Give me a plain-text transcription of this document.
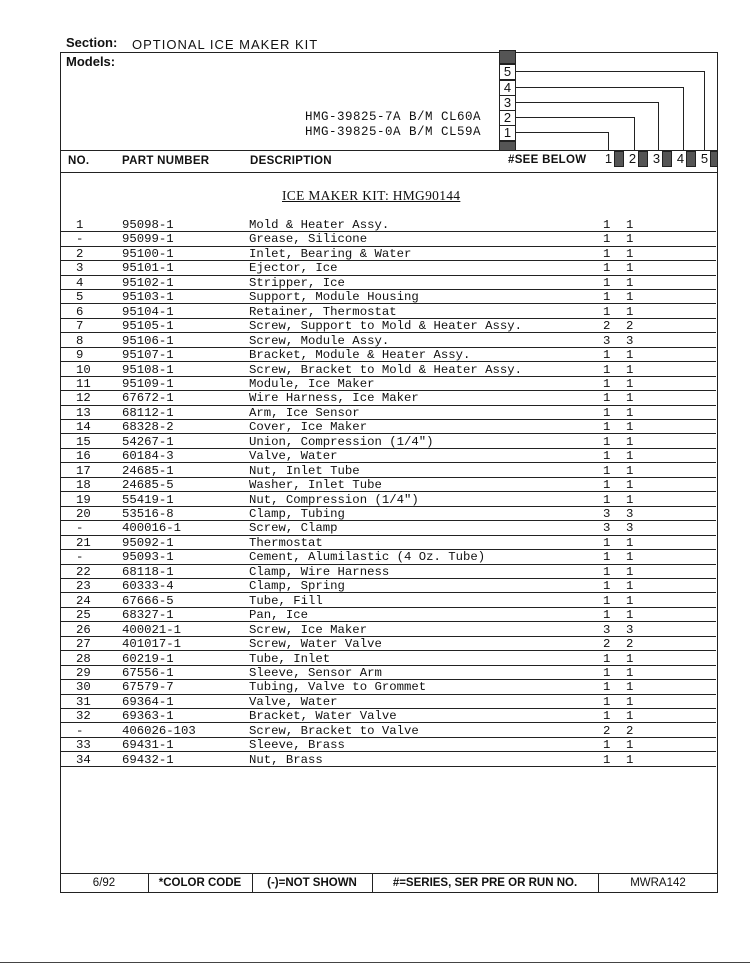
Section: OPTIONAL ICE MAKER KIT
Models:
HMG-39825-7A B/M CL60A
HMG-39825-0A B/M CL59A
5
4
3
2
1
NO.	PART NUMBER	DESCRIPTION	#SEE BELOW	1	2	3	4	5
ICE MAKER KIT: HMG90144
1	95098-1	Mold & Heater Assy.	1 1
-	95099-1	Grease, Silicone	1 1
2	95100-1	Inlet, Bearing & Water	1 1
3	95101-1	Ejector, Ice	1 1
4	95102-1	Stripper, Ice	1 1
5	95103-1	Support, Module Housing	1 1
6	95104-1	Retainer, Thermostat	1 1
7	95105-1	Screw, Support to Mold & Heater Assy.	2 2
8	95106-1	Screw, Module Assy.	3 3
9	95107-1	Bracket, Module & Heater Assy.	1 1
10	95108-1	Screw, Bracket to Mold & Heater Assy.	1 1
11	95109-1	Module, Ice Maker	1 1
12	67672-1	Wire Harness, Ice Maker	1 1
13	68112-1	Arm, Ice Sensor	1 1
14	68328-2	Cover, Ice Maker	1 1
15	54267-1	Union, Compression (1/4")	1 1
16	60184-3	Valve, Water	1 1
17	24685-1	Nut, Inlet Tube	1 1
18	24685-5	Washer, Inlet Tube	1 1
19	55419-1	Nut, Compression (1/4")	1 1
20	53516-8	Clamp, Tubing	3 3
-	400016-1	Screw, Clamp	3 3
21	95092-1	Thermostat	1 1
-	95093-1	Cement, Alumilastic (4 Oz. Tube)	1 1
22	68118-1	Clamp, Wire Harness	1 1
23	60333-4	Clamp, Spring	1 1
24	67666-5	Tube, Fill	1 1
25	68327-1	Pan, Ice	1 1
26	400021-1	Screw, Ice Maker	3 3
27	401017-1	Screw, Water Valve	2 2
28	60219-1	Tube, Inlet	1 1
29	67556-1	Sleeve, Sensor Arm	1 1
30	67579-7	Tubing, Valve to Grommet	1 1
31	69364-1	Valve, Water	1 1
32	69363-1	Bracket, Water Valve	1 1
-	406026-103	Screw, Bracket to Valve	2 2
33	69431-1	Sleeve, Brass	1 1
34	69432-1	Nut, Brass	1 1
6/92	*COLOR CODE	(-)=NOT SHOWN	#=SERIES, SER PRE OR RUN NO.	MWRA142
